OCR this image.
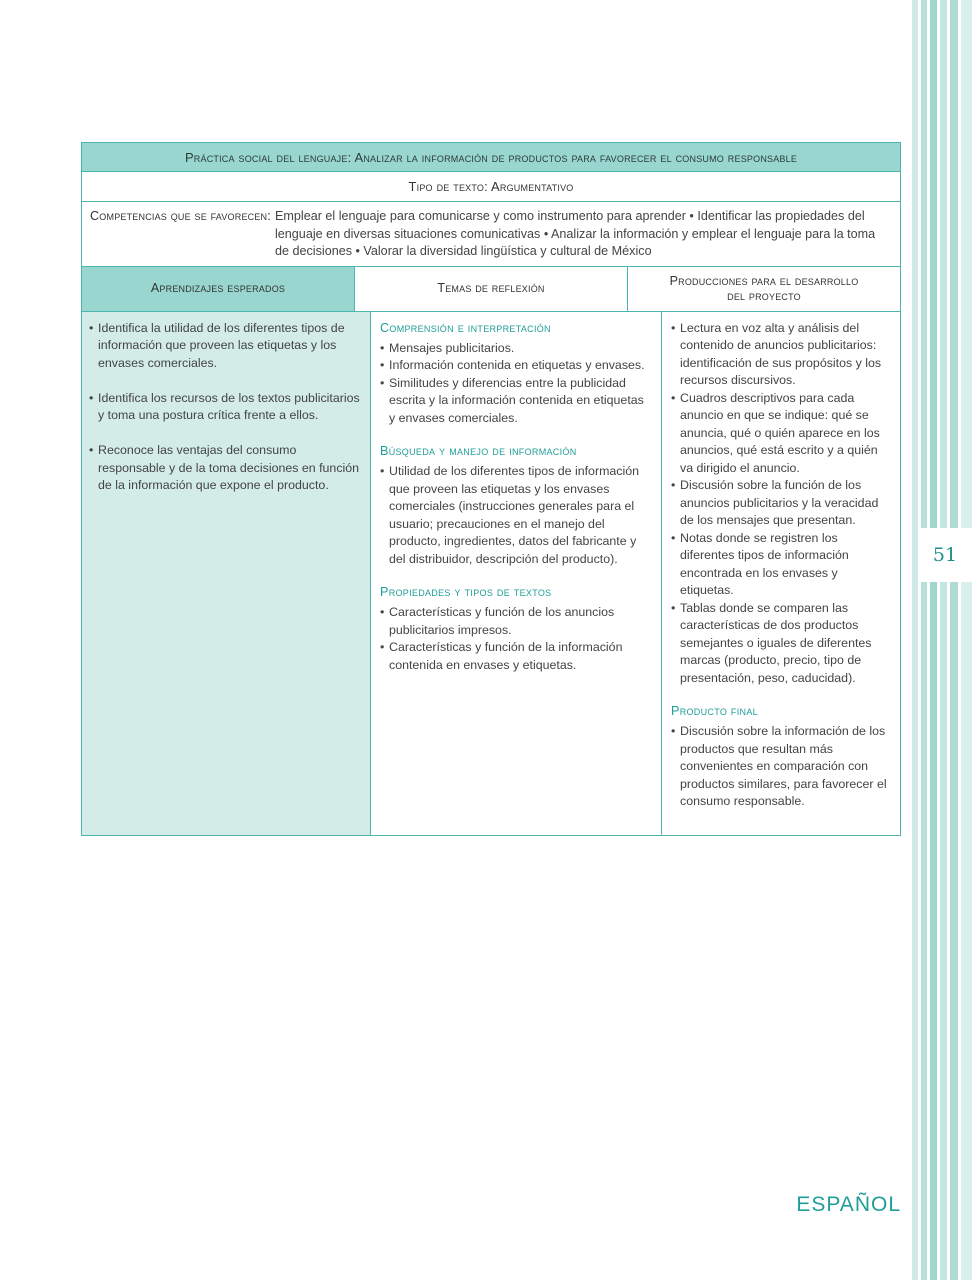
51
Práctica social del lenguaje: Analizar la información de productos para favorecer el consumo responsable
Tipo de texto: Argumentativo
Competencias que se favorecen: Emplear el lenguaje para comunicarse y como instrumento para aprender • Identificar las propiedades del lenguaje en diversas situaciones comunicativas • Analizar la información y emplear el lenguaje para la toma de decisiones • Valorar la diversidad lingüística y cultural de México
Aprendizajes esperados	Temas de reflexión
Producciones para el desarrollo del proyecto
• Identifica la utilidad de los diferentes tipos de información que proveen las etiquetas y los envases comerciales.
• Identifica los recursos de los textos publicitarios y toma una postura crítica frente a ellos.
• Reconoce las ventajas del consumo responsable y de la toma decisiones en función de la información que expone el producto.
Comprensión e interpretación
• Mensajes publicitarios.
• Información contenida en etiquetas y envases.
• Similitudes y diferencias entre la publicidad escrita y la información contenida en etiquetas y envases comerciales.
Búsqueda y manejo de información
• Utilidad de los diferentes tipos de información que proveen las etiquetas y los envases comerciales (instrucciones generales para el usuario; precauciones en el manejo del producto, ingredientes, datos del fabricante y del distribuidor, descripción del producto).
Propiedades y tipos de textos
• Características y función de los anuncios publicitarios impresos.
• Características y función de la información contenida en envases y etiquetas.
• Lectura en voz alta y análisis del contenido de anuncios publicitarios: identificación de sus propósitos y los recursos discursivos.
• Cuadros descriptivos para cada anuncio en que se indique: qué se anuncia, qué o quién aparece en los anuncios, qué está escrito y a quién va dirigido el anuncio.
• Discusión sobre la función de los anuncios publicitarios y la veracidad de los mensajes que presentan.
• Notas donde se registren los diferentes tipos de información encontrada en los envases y etiquetas.
• Tablas donde se comparen las características de dos productos semejantes o iguales de diferentes marcas (producto, precio, tipo de presentación, peso, caducidad).
Producto final
• Discusión sobre la información de los productos que resultan más convenientes en comparación con productos similares, para favorecer el consumo responsable.
ESPAÑOL
